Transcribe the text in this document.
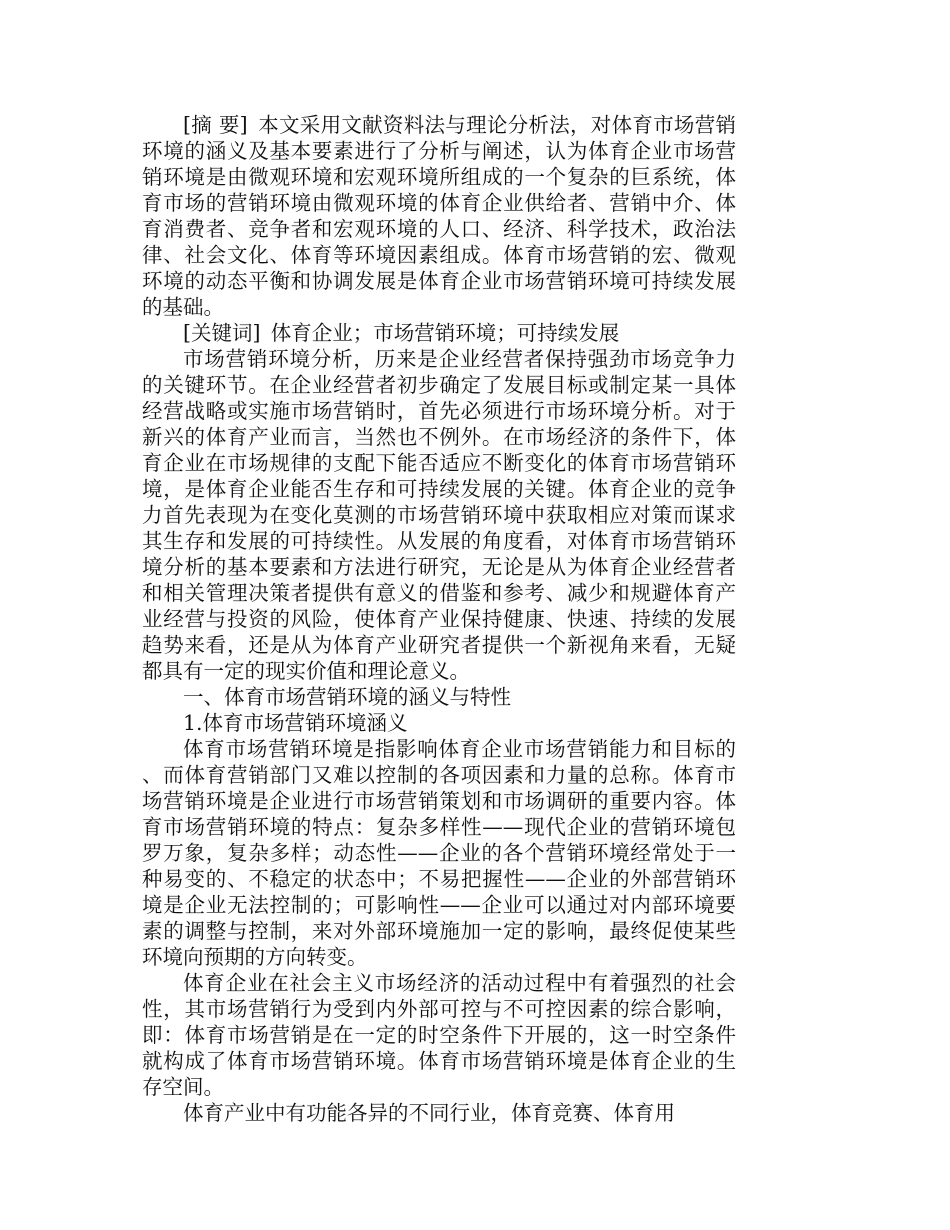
[摘 要] 本文采用文献资料法与理论分析法，对体育市场营销环境的涵义及基本要素进行了分析与阐述，认为体育企业市场营销环境是由微观环境和宏观环境所组成的一个复杂的巨系统，体育市场的营销环境由微观环境的体育企业供给者、营销中介、体育消费者、竞争者和宏观环境的人口、经济、科学技术，政治法律、社会文化、体育等环境因素组成。体育市场营销的宏、微观环境的动态平衡和协调发展是体育企业市场营销环境可持续发展的基础。

[关键词] 体育企业；市场营销环境；可持续发展

市场营销环境分析，历来是企业经营者保持强劲市场竞争力的关键环节。在企业经营者初步确定了发展目标或制定某一具体经营战略或实施市场营销时，首先必须进行市场环境分析。对于新兴的体育产业而言，当然也不例外。在市场经济的条件下，体育企业在市场规律的支配下能否适应不断变化的体育市场营销环境，是体育企业能否生存和可持续发展的关键。体育企业的竞争力首先表现为在变化莫测的市场营销环境中获取相应对策而谋求其生存和发展的可持续性。从发展的角度看，对体育市场营销环境分析的基本要素和方法进行研究，无论是从为体育企业经营者和相关管理决策者提供有意义的借鉴和参考、减少和规避体育产业经营与投资的风险，使体育产业保持健康、快速、持续的发展趋势来看，还是从为体育产业研究者提供一个新视角来看，无疑都具有一定的现实价值和理论意义。

一、体育市场营销环境的涵义与特性

1.体育市场营销环境涵义

体育市场营销环境是指影响体育企业市场营销能力和目标的、而体育营销部门又难以控制的各项因素和力量的总称。体育市场营销环境是企业进行市场营销策划和市场调研的重要内容。体育市场营销环境的特点：复杂多样性——现代企业的营销环境包罗万象，复杂多样；动态性——企业的各个营销环境经常处于一种易变的、不稳定的状态中；不易把握性——企业的外部营销环境是企业无法控制的；可影响性——企业可以通过对内部环境要素的调整与控制，来对外部环境施加一定的影响，最终促使某些环境向预期的方向转变。

体育企业在社会主义市场经济的活动过程中有着强烈的社会性，其市场营销行为受到内外部可控与不可控因素的综合影响，即：体育市场营销是在一定的时空条件下开展的，这一时空条件就构成了体育市场营销环境。体育市场营销环境是体育企业的生存空间。

体育产业中有功能各异的不同行业，体育竞赛、体育用
